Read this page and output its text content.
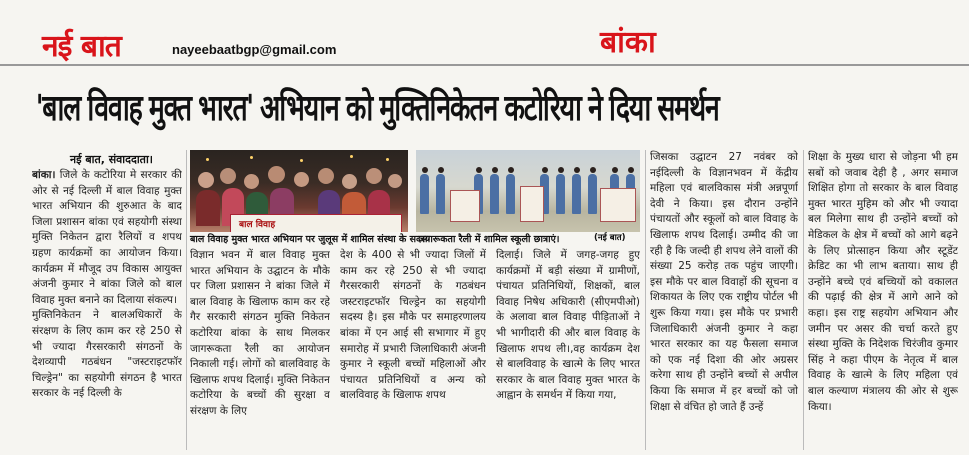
नई बात	nayeebaatbgp@gmail.com	बांका
'बाल विवाह मुक्त भारत' अभियान को मुक्तिनिकेतन कटोरिया ने दिया समर्थन
नई बात, संवाददाता।

बांका। जिले के कटोरिया मे सरकार की ओर से नई दिल्ली में बाल विवाह मुक्त भारत अभियान की शुरुआत के बाद जिला प्रशासन बांका एवं सहयोगी संस्था मुक्ति निकेतन द्वारा रैलियों व शपथ ग्रहण कार्यक्रमों का आयोजन किया। कार्यक्रम में मौजूद उप विकास आयुक्त अंजनी कुमार ने बांका जिले को बाल विवाह मुक्त बनाने का दिलाया संकल्प।

मुक्तिनिकेतन ने बालअधिकारों के संरक्षण के लिए काम कर रहे 250 से भी ज्यादा गैरसरकारी संगठनों के देशव्यापी गठबंधन "जस्टराइटफॉर चिल्ड्रेन" का सहयोगी संगठन है भारत सरकार के नई दिल्ली के

बाल विवाह
बाल विवाह मुक्त भारत अभियान पर जुलूस में शामिल संस्था के सदस्य
जागरूकता रैली में शामिल स्कूली छात्राएं।	(नई बात)

विज्ञान भवन में बाल विवाह मुक्त भारत अभियान के उद्घाटन के मौके पर जिला प्रशासन ने बांका जिले में बाल विवाह के खिलाफ काम कर रहे गैर सरकारी संगठन मुक्ति निकेतन कटोरिया बांका के साथ मिलकर जागरूकता रैली का आयोजन निकाली गई। लोगों को बालविवाह के खिलाफ शपथ दिलाई। मुक्ति निकेतन कटोरिया के बच्चों की सुरक्षा व संरक्षण के लिए

देश के 400 से भी ज्यादा जिलों में काम कर रहे 250 से भी ज्यादा गैरसरकारी संगठनों के गठबंधन जस्टराइटफॉर चिल्ड्रेन का सहयोगी सदस्य है। इस मौके पर समाहरणालय बांका में एन आई सी सभागार में हुए समारोह में प्रभारी जिलाधिकारी अंजनी कुमार ने स्कूली बच्चों महिलाओं और पंचायत प्रतिनिधियों व अन्य को बालविवाह के खिलाफ शपथ

दिलाई। जिले में जगह-जगह हुए कार्यक्रमों में बड़ी संख्या में ग्रामीणों, पंचायत प्रतिनिधियों, शिक्षकों, बाल विवाह निषेध अधिकारी (सीएमपीओ) के अलावा बाल विवाह पीड़िताओं ने भी भागीदारी की और बाल विवाह के खिलाफ शपथ ली।,वह कार्यक्रम देश से बालविवाह के खात्मे के लिए भारत सरकार के बाल विवाह मुक्त भारत के आह्वान के समर्थन में किया गया,

जिसका उद्घाटन 27 नवंबर को नईदिल्ली के विज्ञानभवन में केंद्रीय महिला एवं बालविकास मंत्री अन्नपूर्णा देवी ने किया। इस दौरान उन्होंने पंचायतों और स्कूलों को बाल विवाह के खिलाफ शपथ दिलाई। उम्मीद की जा रही है कि जल्दी ही शपथ लेने वालों की संख्या 25 करोड़ तक पहुंच जाएगी। इस मौके पर बाल विवाहों की सूचना व शिकायत के लिए एक राष्ट्रीय पोर्टल भी शुरू किया गया। इस मौके पर प्रभारी जिलाधिकारी अंजनी कुमार ने कहा भारत सरकार का यह फैसला समाज को एक नई दिशा की ओर अग्रसर करेगा साथ ही उन्होंने बच्चों से अपील किया कि समाज में हर बच्चों को जो शिक्षा से वंचित हो जाते हैं उन्हें

शिक्षा के मुख्य धारा से जोड़ना भी हम सबों को जवाब देही है , अगर समाज शिक्षित होगा तो सरकार के बाल विवाह मुक्त भारत मुहिम को और भी ज्यादा बल मिलेगा साथ ही उन्होंने बच्चों को मेडिकल के क्षेत्र में बच्चों को आगे बढ़ने के लिए प्रोत्साहन किया और स्टूडेंट क्रेडिट का भी लाभ बताया। साथ ही उन्होंने बच्चे एवं बच्चियों को वकालत की पढ़ाई की क्षेत्र में आगे आने को कहा। इस राष्ट्र सहयोग अभियान और जमीन पर असर की चर्चा करते हुए संस्था मुक्ति के निदेशक चिरंजीव कुमार सिंह ने कहा पीएम के नेतृत्व में बाल विवाह के खात्मे के लिए महिला एवं बाल कल्याण मंत्रालय की ओर से शुरू किया।
